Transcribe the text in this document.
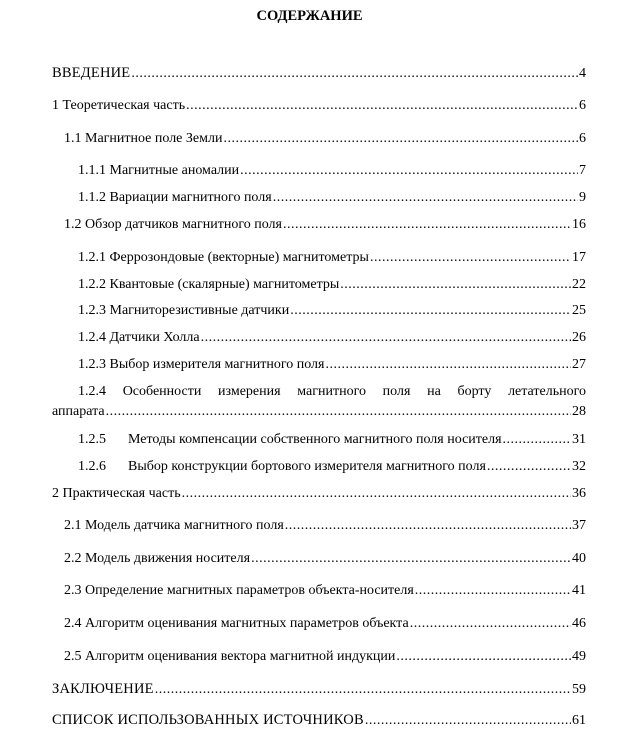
СОДЕРЖАНИЕ
ВВЕДЕНИЕ .....	4
1 Теоретическая часть .....	6
1.1 Магнитное поле Земли .....	6
1.1.1 Магнитные аномалии .....	7
1.1.2 Вариации магнитного поля .....	9
1.2 Обзор датчиков магнитного поля .....	16
1.2.1 Феррозондовые (векторные) магнитометры .....	17
1.2.2 Квантовые (скалярные) магнитометры .....	22
1.2.3 Магниторезистивные датчики .....	25
1.2.4 Датчики Холла .....	26
1.2.3 Выбор измерителя магнитного поля .....	27
1.2.4 Особенности измерения магнитного поля на борту летательного
аппарата .....	28
1.2.5	Методы компенсации собственного магнитного поля носителя .....	31
1.2.6	Выбор конструкции бортового измерителя магнитного поля .....	32
2 Практическая часть .....	36
2.1 Модель датчика магнитного поля .....	37
2.2 Модель движения носителя .....	40
2.3 Определение магнитных параметров объекта-носителя .....	41
2.4 Алгоритм оценивания магнитных параметров объекта .....	46
2.5 Алгоритм оценивания вектора магнитной индукции .....	49
ЗАКЛЮЧЕНИЕ .....	59
СПИСОК ИСПОЛЬЗОВАННЫХ ИСТОЧНИКОВ .....	61
